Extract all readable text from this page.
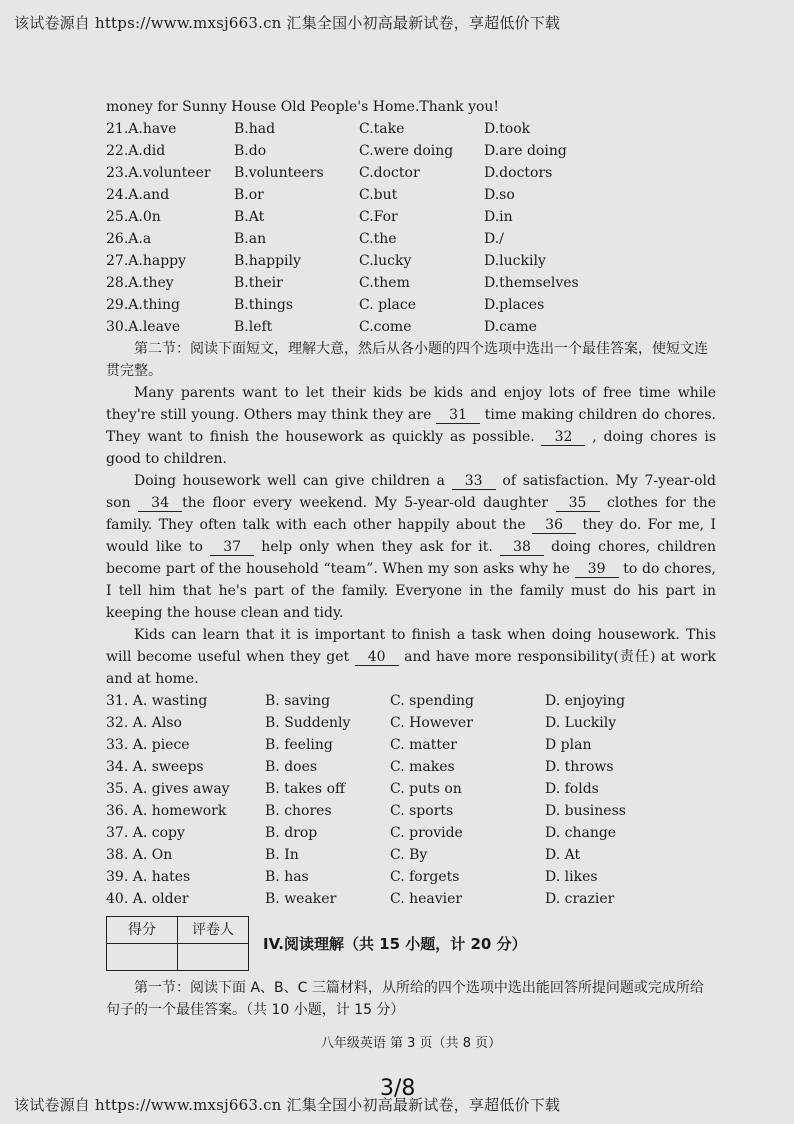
该试卷源自 https://www.mxsj663.cn 汇集全国小初高最新试卷，享超低价下载

money for Sunny House Old People's Home.Thank you!

21.A.have	B.had	C.take	D.took
22.A.did	B.do	C.were doing	D.are doing
23.A.volunteer	B.volunteers	C.doctor	D.doctors
24.A.and	B.or	C.but	D.so
25.A.0n	B.At	C.For	D.in
26.A.a	B.an	C.the	D./
27.A.happy	B.happily	C.lucky	D.luckily
28.A.they	B.their	C.them	D.themselves
29.A.thing	B.things	C. place	D.places
30.A.leave	B.left	C.come	D.came

第二节：阅读下面短文，理解大意，然后从各小题的四个选项中选出一个最佳答案，使短文连贯完整。

Many parents want to let their kids be kids and enjoy lots of free time while they're still young. Others may think they are 31 time making children do chores. They want to finish the housework as quickly as possible. 32 , doing chores is good to children.

Doing housework well can give children a 33 of satisfaction. My 7-year-old son 34 the floor every weekend. My 5-year-old daughter 35 clothes for the family. They often talk with each other happily about the 36 they do. For me, I would like to 37 help only when they ask for it. 38 doing chores, children become part of the household “team”. When my son asks why he 39 to do chores, I tell him that he's part of the family. Everyone in the family must do his part in keeping the house clean and tidy.

Kids can learn that it is important to finish a task when doing housework. This will become useful when they get 40 and have more responsibility(责任) at work and at home.

31. A. wasting	B. saving	C. spending	D. enjoying
32. A. Also	B. Suddenly	C. However	D. Luckily
33. A. piece	B. feeling	C. matter	D plan
34. A. sweeps	B. does	C. makes	D. throws
35. A. gives away	B. takes off	C. puts on	D. folds
36. A. homework	B. chores	C. sports	D. business
37. A. copy	B. drop	C. provide	D. change
38. A. On	B. In	C. By	D. At
39. A. hates	B. has	C. forgets	D. likes
40. A. older	B. weaker	C. heavier	D. crazier
得分	评卷人

IV.阅读理解（共 15 小题，计 20 分）

第一节：阅读下面 A、B、C 三篇材料，从所给的四个选项中选出能回答所提问题或完成所给句子的一个最佳答案。（共 10 小题，计 15 分）

八年级英语 第 3 页（共 8 页）
3/8
该试卷源自 https://www.mxsj663.cn 汇集全国小初高最新试卷，享超低价下载
